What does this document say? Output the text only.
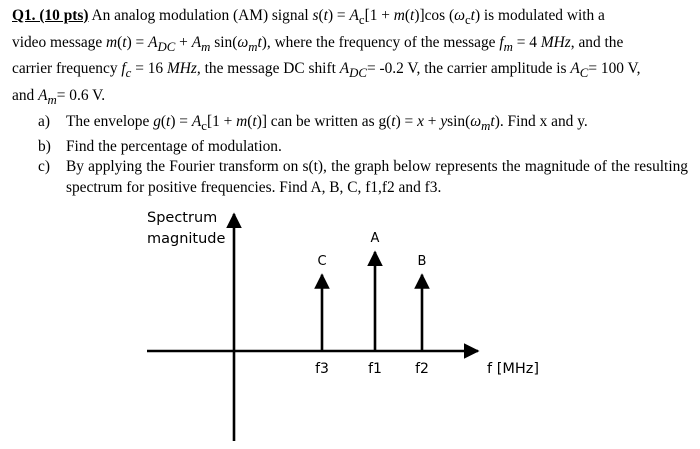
Q1. (10 pts) An analog modulation (AM) signal $s(t) = A_c[1 + m(t)]\cos$ $(\omega_ct)$ is modulated with a
video message $m(t) = A_{DC} + A_m$ $\sin(\omega_mt)$, where the frequency of the message $f_m = 4$ MHz, and the
carrier frequency $f_c = 16$ MHz, the message DC shift $A_{DC}= -0.2$ V, the carrier amplitude is $A_C= 100$ V,
and $A_m= 0.6$ V.
a)	The envelope $g(t) = A_c[1 + m(t)]$ can be written as $g(t) = x + ysin(\omega_mt)$. Find x and y.
b) Find the percentage of modulation.
c)	By applying the Fourier transform on s(t), the graph below represents the magnitude of the resulting spectrum for positive frequencies. Find A, B, C, f1,f2 and f3.
Spectrum
magnitude
f [MHz]
C
f3
A
f1
B
f2
